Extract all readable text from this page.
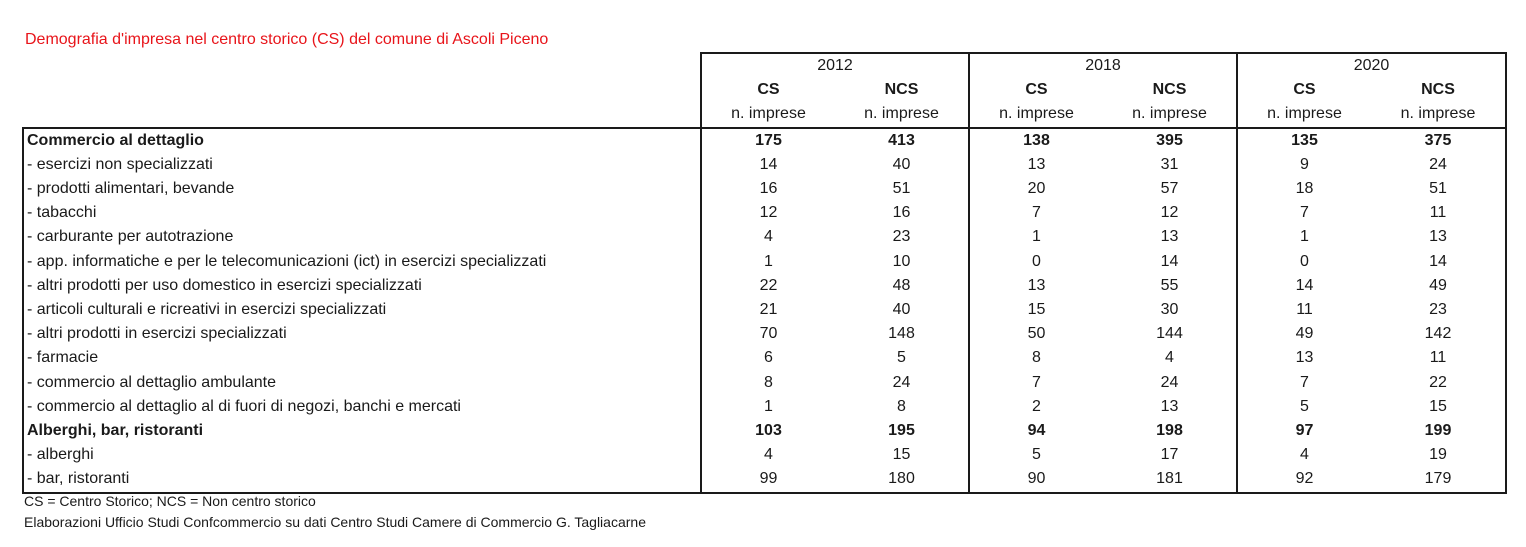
Demografia d'impresa nel centro storico (CS) del comune di Ascoli Piceno
	2012		2018		2020	
	CS	NCS	CS	NCS	CS	NCS
	n. imprese	n. imprese	n. imprese	n. imprese	n. imprese	n. imprese
Commercio al dettaglio	175	413	138	395	135	375
- esercizi non specializzati	14	40	13	31	9	24
- prodotti alimentari, bevande	16	51	20	57	18	51
- tabacchi	12	16	7	12	7	11
- carburante per autotrazione	4	23	1	13	1	13
- app. informatiche e per le telecomunicazioni (ict) in esercizi specializzati	1	10	0	14	0	14
- altri prodotti per uso domestico in esercizi specializzati	22	48	13	55	14	49
- articoli culturali e ricreativi in esercizi specializzati	21	40	15	30	11	23
- altri prodotti in esercizi specializzati	70	148	50	144	49	142
- farmacie	6	5	8	4	13	11
- commercio al dettaglio ambulante	8	24	7	24	7	22
- commercio al dettaglio al di fuori di negozi, banchi e mercati	1	8	2	13	5	15
Alberghi, bar, ristoranti	103	195	94	198	97	199
- alberghi	4	15	5	17	4	19
- bar, ristoranti	99	180	90	181	92	179
CS = Centro Storico; NCS = Non centro storico
Elaborazioni Ufficio Studi Confcommercio su dati Centro Studi Camere di Commercio G. Tagliacarne
